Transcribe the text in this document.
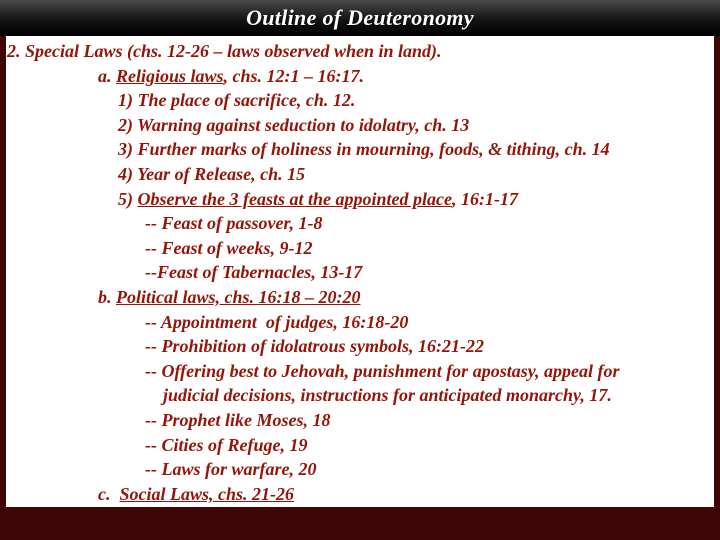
Outline of Deuteronomy
2. Special Laws (chs. 12-26 – laws observed when in land).
a. Religious laws, chs. 12:1 – 16:17.
1) The place of sacrifice, ch. 12.
2) Warning against seduction to idolatry, ch. 13
3) Further marks of holiness in mourning, foods, & tithing, ch. 14
4) Year of Release, ch. 15
5) Observe the 3 feasts at the appointed place, 16:1-17
-- Feast of passover, 1-8
-- Feast of weeks, 9-12
--Feast of Tabernacles, 13-17
b. Political laws, chs. 16:18 – 20:20
-- Appointment  of judges, 16:18-20
-- Prohibition of idolatrous symbols, 16:21-22
-- Offering best to Jehovah, punishment for apostasy, appeal for
judicial decisions, instructions for anticipated monarchy, 17.
-- Prophet like Moses, 18
-- Cities of Refuge, 19
-- Laws for warfare, 20
c.  Social Laws, chs. 21-26
